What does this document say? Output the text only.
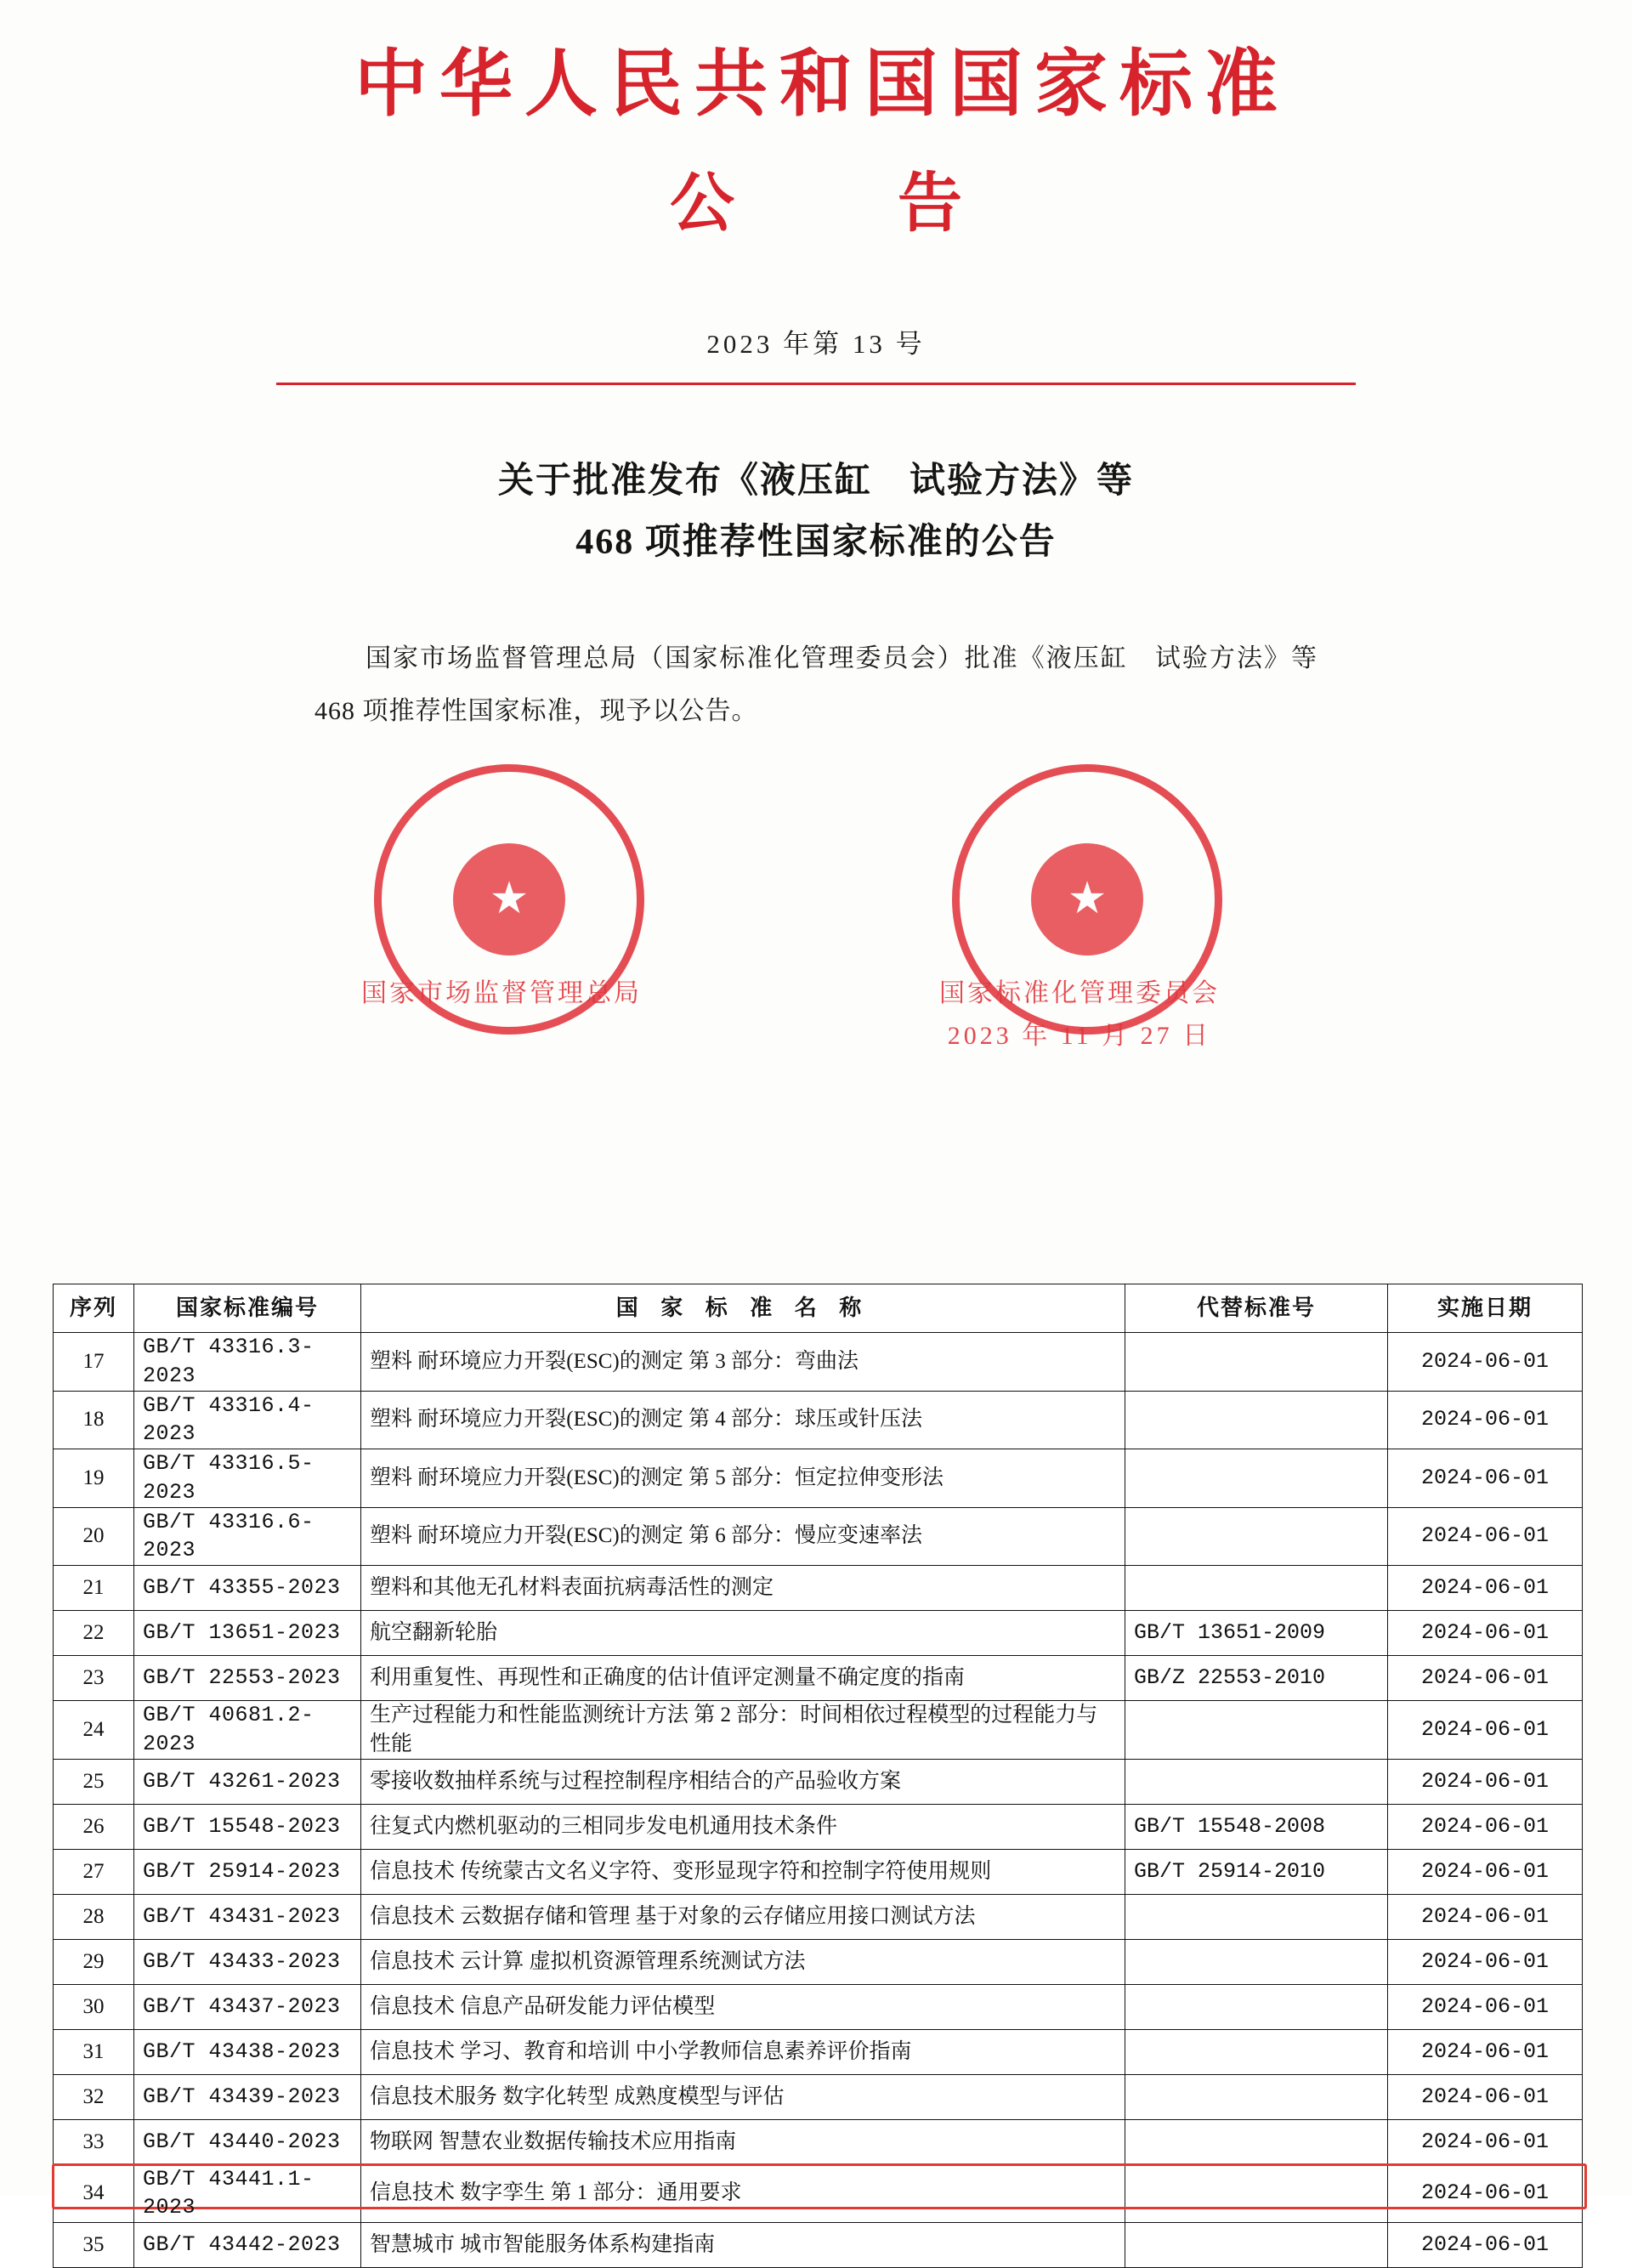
中华人民共和国国家标准
公　告
2023 年第 13 号
关于批准发布《液压缸　试验方法》等
468 项推荐性国家标准的公告
国家市场监督管理总局（国家标准化管理委员会）批准《液压缸　试验方法》等 468 项推荐性国家标准，现予以公告。
★	★
国家市场监督管理总局	国家标准化管理委员会
2023 年 11 月 27 日
序列	国家标准编号	国 家 标 准 名 称	代替标准号	实施日期
17	GB/T 43316.3-2023	塑料 耐环境应力开裂(ESC)的测定 第 3 部分：弯曲法		2024-06-01
18	GB/T 43316.4-2023	塑料 耐环境应力开裂(ESC)的测定 第 4 部分：球压或针压法		2024-06-01
19	GB/T 43316.5-2023	塑料 耐环境应力开裂(ESC)的测定 第 5 部分：恒定拉伸变形法		2024-06-01
20	GB/T 43316.6-2023	塑料 耐环境应力开裂(ESC)的测定 第 6 部分：慢应变速率法		2024-06-01
21	GB/T 43355-2023	塑料和其他无孔材料表面抗病毒活性的测定		2024-06-01
22	GB/T 13651-2023	航空翻新轮胎	GB/T 13651-2009	2024-06-01
23	GB/T 22553-2023	利用重复性、再现性和正确度的估计值评定测量不确定度的指南	GB/Z 22553-2010	2024-06-01
24	GB/T 40681.2-2023	生产过程能力和性能监测统计方法 第 2 部分：时间相依过程模型的过程能力与性能		2024-06-01
25	GB/T 43261-2023	零接收数抽样系统与过程控制程序相结合的产品验收方案		2024-06-01
26	GB/T 15548-2023	往复式内燃机驱动的三相同步发电机通用技术条件	GB/T 15548-2008	2024-06-01
27	GB/T 25914-2023	信息技术 传统蒙古文名义字符、变形显现字符和控制字符使用规则	GB/T 25914-2010	2024-06-01
28	GB/T 43431-2023	信息技术 云数据存储和管理 基于对象的云存储应用接口测试方法		2024-06-01
29	GB/T 43433-2023	信息技术 云计算 虚拟机资源管理系统测试方法		2024-06-01
30	GB/T 43437-2023	信息技术 信息产品研发能力评估模型		2024-06-01
31	GB/T 43438-2023	信息技术 学习、教育和培训 中小学教师信息素养评价指南		2024-06-01
32	GB/T 43439-2023	信息技术服务 数字化转型 成熟度模型与评估		2024-06-01
33	GB/T 43440-2023	物联网 智慧农业数据传输技术应用指南		2024-06-01
34	GB/T 43441.1-2023	信息技术 数字孪生 第 1 部分：通用要求		2024-06-01
35	GB/T 43442-2023	智慧城市 城市智能服务体系构建指南		2024-06-01
